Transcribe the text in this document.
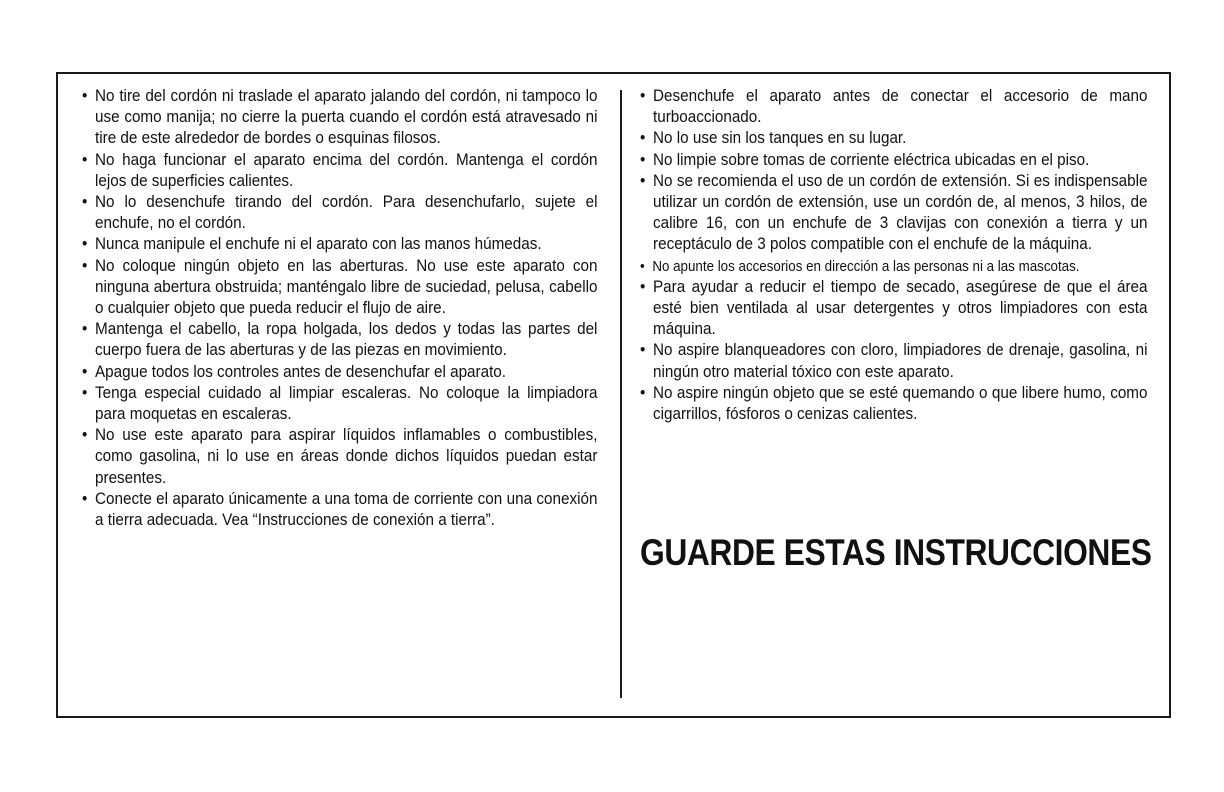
• No tire del cordón ni traslade el aparato jalando del cordón, ni tampoco lo use como manija; no cierre la puerta cuando el cordón está atravesado ni tire de este alrededor de bordes o esquinas filosos.
• No haga funcionar el aparato encima del cordón. Mantenga el cordón lejos de superficies calientes.
• No lo desenchufe tirando del cordón. Para desenchufarlo, sujete el enchufe, no el cordón.
• Nunca manipule el enchufe ni el aparato con las manos húmedas.
• No coloque ningún objeto en las aberturas. No use este aparato con ninguna abertura obstruida; manténgalo libre de suciedad, pelusa, cabello o cualquier objeto que pueda reducir el flujo de aire.
• Mantenga el cabello, la ropa holgada, los dedos y todas las partes del cuerpo fuera de las aberturas y de las piezas en movimiento.
• Apague todos los controles antes de desenchufar el aparato.
• Tenga especial cuidado al limpiar escaleras. No coloque la limpiadora para moquetas en escaleras.
• No use este aparato para aspirar líquidos inflamables o combustibles, como gasolina, ni lo use en áreas donde dichos líquidos puedan estar presentes.
• Conecte el aparato únicamente a una toma de corriente con una conexión a tierra adecuada. Vea “Instrucciones de conexión a tierra”.
• Desenchufe el aparato antes de conectar el accesorio de mano turboaccionado.
• No lo use sin los tanques en su lugar.
• No limpie sobre tomas de corriente eléctrica ubicadas en el piso.
• No se recomienda el uso de un cordón de extensión. Si es indispensable utilizar un cordón de extensión, use un cordón de, al menos, 3 hilos, de calibre 16, con un enchufe de 3 clavijas con conexión a tierra y un receptáculo de 3 polos compatible con el enchufe de la máquina.
• No apunte los accesorios en dirección a las personas ni a las mascotas.
• Para ayudar a reducir el tiempo de secado, asegúrese de que el área esté bien ventilada al usar detergentes y otros limpiadores con esta máquina.
• No aspire blanqueadores con cloro, limpiadores de drenaje, gasolina, ni ningún otro material tóxico con este aparato.
• No aspire ningún objeto que se esté quemando o que libere humo, como cigarrillos, fósforos o cenizas calientes.
GUARDE ESTAS INSTRUCCIONES
